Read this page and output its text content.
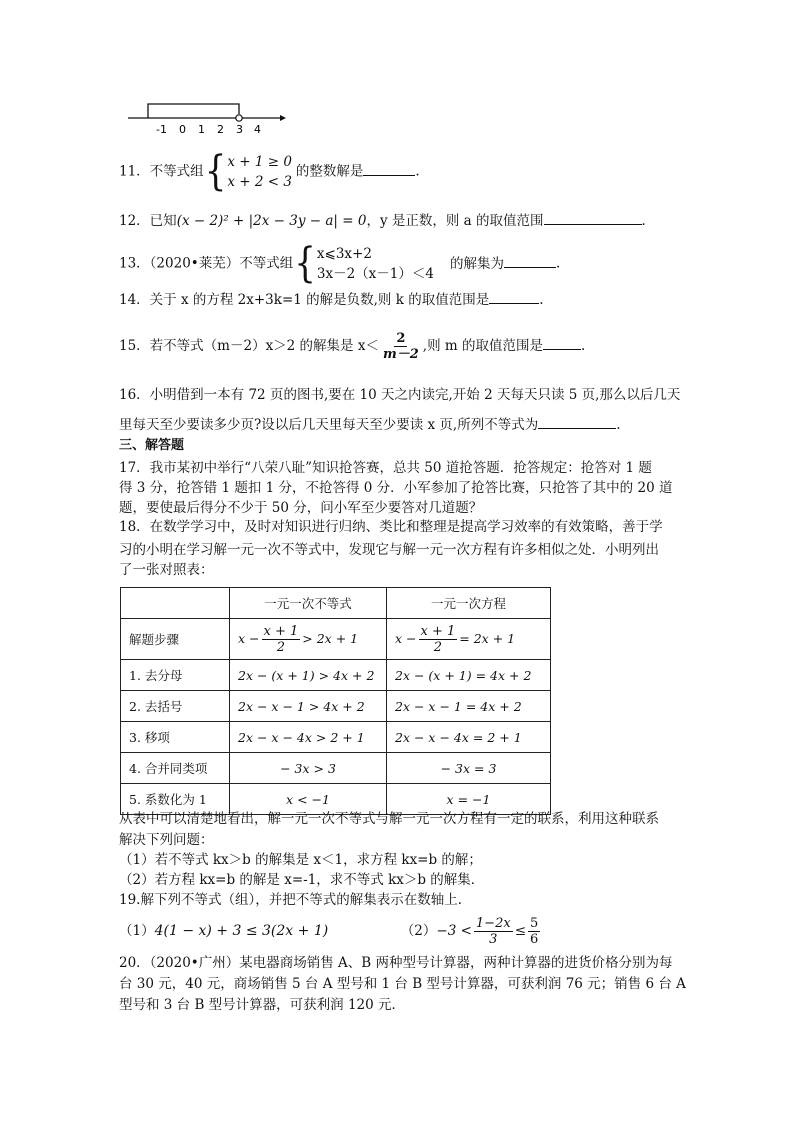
-1 0 1 2 3 4
11．不等式组{ x + 1 ≥ 0
x + 2 < 3
的整数解是	.
12．已知(x − 2)² + |2x − 3y − a| = 0，y 是正数，则 a 的取值范围	．
13．（2020•莱芜）不等式组{ x⩽3x+2
3x－2（x－1）＜4
的解集为	.
14．关于 x 的方程 2x+3k=1 的解是负数,则 k 的取值范围是	.
15．若不等式（m－2）x＞2 的解集是 $x< \frac{2}{m-2}$ ,则 m 的取值范围是	.
16．小明借到一本有 72 页的图书,要在 10 天之内读完,开始 2 天每天只读 5 页,那么以后几天
里每天至少要读多少页?设以后几天里每天至少要读 x 页,所列不等式为	.
三、解答题
17．我市某初中举行“八荣八耻”知识抢答赛，总共 50 道抢答题．抢答规定：抢答对 1 题
得 3 分，抢答错 1 题扣 1 分，不抢答得 0 分．小军参加了抢答比赛，只抢答了其中的 20 道
题，要使最后得分不少于 50 分，问小军至少要答对几道题？
18．在数学学习中，及时对知识进行归纳、类比和整理是提高学习效率的有效策略，善于学
习的小明在学习解一元一次不等式中，发现它与解一元一次方程有许多相似之处．小明列出
了一张对照表：
	一元一次不等式	一元一次方程
解题步骤	$x - \frac{x + 1}{2} > 2x + 1$	$x - \frac{x + 1}{2} = 2x + 1$
1. 去分母	2x − (x + 1) > 4x + 2	2x − (x + 1) = 4x + 2
2. 去括号	2x − x − 1 > 4x + 2	2x − x − 1 = 4x + 2
3. 移项	2x − x − 4x > 2 + 1	2x − x − 4x = 2 + 1
4. 合并同类项	− 3x > 3	− 3x = 3
5. 系数化为 1	x < −1	x = −1
从表中可以清楚地看出，解一元一次不等式与解一元一次方程有一定的联系，利用这种联系
解决下列问题：
（1）若不等式 kx＞b 的解集是 x＜1，求方程 kx=b 的解；
（2）若方程 kx=b 的解是 x=-1，求不等式 kx＞b 的解集．
19.解下列不等式（组），并把不等式的解集表示在数轴上．
（1）4(1 − x) + 3 ≤ 3(2x + 1)	$(2)-3 < \frac{1-2x}{3} \le \frac{5}{6}$
20．（2020•广州）某电器商场销售 A、B 两种型号计算器，两种计算器的进货价格分别为每
台 30 元，40 元，商场销售 5 台 A 型号和 1 台 B 型号计算器，可获利润 76 元；销售 6 台 A
型号和 3 台 B 型号计算器，可获利润 120 元．
